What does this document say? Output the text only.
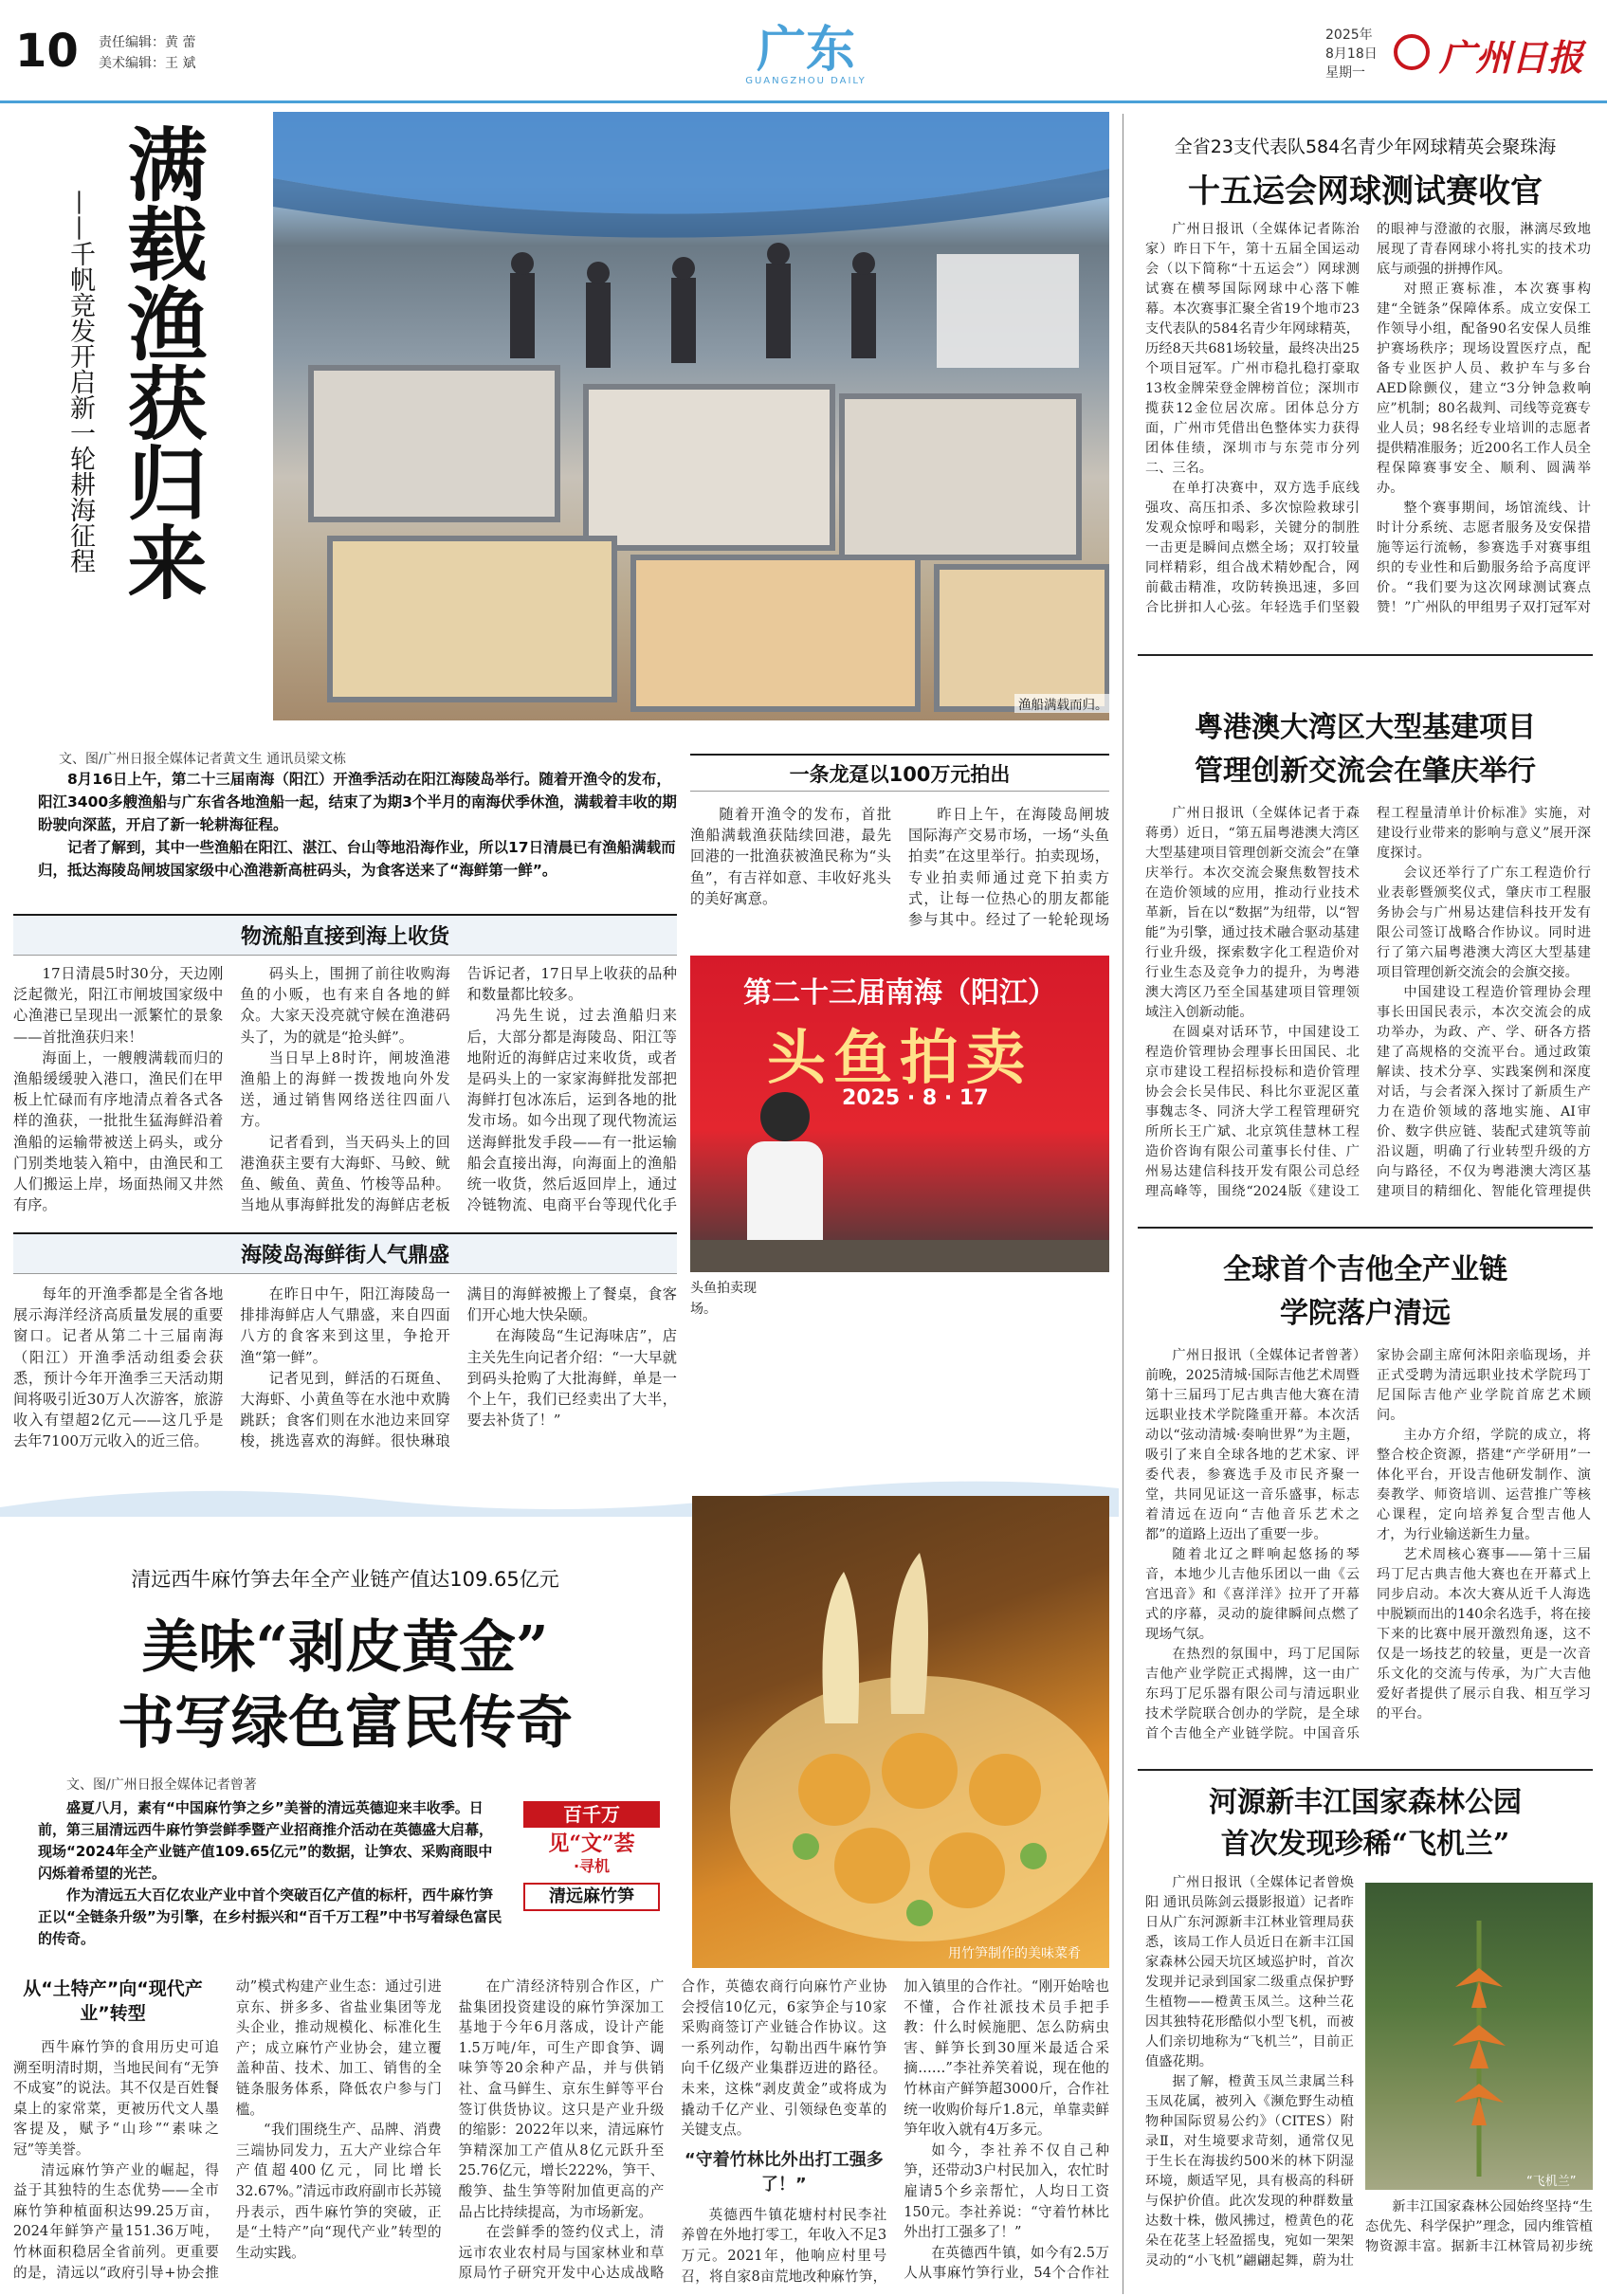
10 责任编辑：黄 蕾
美术编辑：王 斌	广东
GUANGZHOU DAILY
2025年
8月18日
星期一 广州日报
满载渔获归来
——千帆竞发开启新一轮耕海征程
渔船满载而归。
文、图/广州日报全媒体记者黄文生 通讯员梁文栋

8月16日上午，第二十三届南海（阳江）开渔季活动在阳江海陵岛举行。随着开渔令的发布，阳江3400多艘渔船与广东省各地渔船一起，结束了为期3个半月的南海伏季休渔，满载着丰收的期盼驶向深蓝，开启了新一轮耕海征程。

记者了解到，其中一些渔船在阳江、湛江、台山等地沿海作业，所以17日清晨已有渔船满载而归，抵达海陵岛闸坡国家级中心渔港新高桩码头，为食客送来了“海鲜第一鲜”。

一条龙趸以100万元拍出

随着开渔令的发布，首批渔船满载渔获陆续回港，最先回港的一批渔获被渔民称为“头鱼”，有吉祥如意、丰收好兆头的美好寓意。

昨日上午，在海陵岛闸坡国际海产交易市场，一场“头鱼拍卖”在这里举行。拍卖现场，专业拍卖师通过竞下拍卖方式，让每一位热心的朋友都能参与其中。经过了一轮轮现场

物流船直接到海上收货

17日清晨5时30分，天边刚泛起微光，阳江市闸坡国家级中心渔港已呈现出一派繁忙的景象——首批渔获归来！

海面上，一艘艘满载而归的渔船缓缓驶入港口，渔民们在甲板上忙碌而有序地清点着各式各样的渔获，一批批生猛海鲜沿着渔船的运输带被送上码头，或分门别类地装入箱中，由渔民和工人们搬运上岸，场面热闹又井然有序。

码头上，围拥了前往收购海鱼的小贩，也有来自各地的鲜众。大家天没亮就守候在渔港码头了，为的就是“抢头鲜”。

当日早上8时许，闸坡渔港渔船上的海鲜一拨拨地向外发送，通过销售网络送往四面八方。

记者看到，当天码头上的回港渔获主要有大海虾、马鲛、鱿鱼、鲅鱼、黄鱼、竹梭等品种。当地从事海鲜批发的海鲜店老板告诉记者，17日早上收获的品种和数量都比较多。

冯先生说，过去渔船归来后，大部分都是海陵岛、阳江等地附近的海鲜店过来收货，或者是码头上的一家家海鲜批发部把海鲜打包冰冻后，运到各地的批发市场。如今出现了现代物流运送海鲜批发手段——有一批运输船会直接出海，向海面上的渔船统一收货，然后返回岸上，通过冷链物流、电商平台等现代化手

第二十三届南海（阳江）
头鱼拍卖
2025 · 8 · 17
头鱼拍卖现场。
海陵岛海鲜街人气鼎盛

每年的开渔季都是全省各地展示海洋经济高质量发展的重要窗口。记者从第二十三届南海（阳江）开渔季活动组委会获悉，预计今年开渔季三天活动期间将吸引近30万人次游客，旅游收入有望超2亿元——这几乎是去年7100万元收入的近三倍。

在昨日中午，阳江海陵岛一排排海鲜店人气鼎盛，来自四面八方的食客来到这里，争抢开渔“第一鲜”。

记者见到，鲜活的石斑鱼、大海虾、小黄鱼等在水池中欢腾跳跃；食客们则在水池边来回穿梭，挑选喜欢的海鲜。很快琳琅满目的海鲜被搬上了餐桌，食客们开心地大快朵颐。

在海陵岛“生记海味店”，店主关先生向记者介绍：“一大早就到码头抢购了大批海鲜，单是一个上午，我们已经卖出了大半，要去补货了！”

清远西牛麻竹笋去年全产业链产值达109.65亿元
美味“剥皮黄金”
书写绿色富民传奇
文、图/广州日报全媒体记者曾著

盛夏八月，素有“中国麻竹笋之乡”美誉的清远英德迎来丰收季。日前，第三届清远西牛麻竹笋尝鲜季暨产业招商推介活动在英德盛大启幕，现场“2024年全产业链产值109.65亿元”的数据，让笋农、采购商眼中闪烁着希望的光芒。

作为清远五大百亿农业产业中首个突破百亿产值的标杆，西牛麻竹笋正以“全链条升级”为引擎，在乡村振兴和“百千万工程”中书写着绿色富民的传奇。

百千万
见“文”荟
·寻机
清远麻竹笋
用竹笋制作的美味菜肴
从“土特产”向“现代产业”转型

西牛麻竹笋的食用历史可追溯至明清时期，当地民间有“无笋不成宴”的说法。其不仅是百姓餐桌上的家常菜，更被历代文人墨客提及，赋予“山珍”“素味之冠”等美誉。

清远麻竹笋产业的崛起，得益于其独特的生态优势——全市麻竹笋种植面积达99.25万亩，2024年鲜笋产量151.36万吨，竹林面积稳居全省前列。更重要的是，清远以“政府引导+协会推动”模式构建产业生态：通过引进京东、拼多多、省盐业集团等龙头企业，推动规模化、标准化生产；成立麻竹产业协会，建立覆盖种苗、技术、加工、销售的全链条服务体系，降低农户参与门槛。

“我们围绕生产、品牌、消费三端协同发力，五大产业综合年产值超400亿元，同比增长32.67%。”清远市政府副市长苏镜丹表示，西牛麻竹笋的突破，正是“土特产”向“现代产业”转型的生动实践。

在广清经济特别合作区，广盐集团投资建设的麻竹笋深加工基地于今年6月落成，设计产能1.5万吨/年，可生产即食笋、调味笋等20余种产品，并与供销社、盒马鲜生、京东生鲜等平台签订供货协议。这只是产业升级的缩影：2022年以来，清远麻竹笋精深加工产值从8亿元跃升至25.76亿元，增长222%，笋干、酸笋、盐生笋等附加值更高的产品占比持续提高，为市场新宠。

在尝鲜季的签约仪式上，清远市农业农村局与国家林业和草原局竹子研究开发中心达成战略合作，英德农商行向麻竹产业协会授信10亿元，6家笋企与10家采购商签订产业链合作协议。这一系列动作，勾勒出西牛麻竹笋向千亿级产业集群迈进的路径。未来，这株“剥皮黄金”或将成为撬动千亿产业、引领绿色变革的关键支点。

“守着竹林比外出打工强多了！”

英德西牛镇花塘村村民李社养曾在外地打零工，年收入不足3万元。2021年，他响应村里号召，将自家8亩荒地改种麻竹笋，加入镇里的合作社。“刚开始啥也不懂，合作社派技术员手把手教：什么时候施肥、怎么防病虫害、鲜笋长到30厘米最适合采摘……”李社养笑着说，现在他的竹林亩产鲜笋超3000斤，合作社统一收购价每斤1.8元，单靠卖鲜笋年收入就有4万多元。

如今，李社养不仅自己种笋，还带动3户村民加入，农忙时雇请5个乡亲帮忙，人均日工资150元。李社养说：“守着竹林比外出打工强多了！”

在英德西牛镇，如今有2.5万人从事麻竹笋行业，54个合作社

全省23支代表队584名青少年网球精英会聚珠海
十五运会网球测试赛收官

广州日报讯（全媒体记者陈治家）昨日下午，第十五届全国运动会（以下简称“十五运会”）网球测试赛在横琴国际网球中心落下帷幕。本次赛事汇聚全省19个地市23支代表队的584名青少年网球精英，历经8天共681场较量，最终决出25个项目冠军。广州市稳扎稳打豪取13枚金牌荣登金牌榜首位；深圳市揽获12金位居次席。团体总分方面，广州市凭借出色整体实力获得团体佳绩，深圳市与东莞市分列二、三名。

在单打决赛中，双方选手底线强攻、高压扣杀、多次惊险救球引发观众惊呼和喝彩，关键分的制胜一击更是瞬间点燃全场；双打较量同样精彩，组合战术精妙配合，网前截击精准，攻防转换迅速，多回合比拼扣人心弦。年轻选手们坚毅的眼神与澄澈的衣服，淋漓尽致地展现了青春网球小将扎实的技术功底与顽强的拼搏作风。

对照正赛标准，本次赛事构建“全链条”保障体系。成立安保工作领导小组，配备90名安保人员维护赛场秩序；现场设置医疗点，配备专业医护人员、救护车与多台AED除颤仪，建立“3分钟急救响应”机制；80名裁判、司线等竞赛专业人员；98名经专业培训的志愿者提供精准服务；近200名工作人员全程保障赛事安全、顺利、圆满举办。

整个赛事期间，场馆流线、计时计分系统、志愿者服务及安保措施等运行流畅，参赛选手对赛事组织的专业性和后勤服务给予高度评价。“我们要为这次网球测试赛点赞！”广州队的甲组男子双打冠军对

粤港澳大湾区大型基建项目
管理创新交流会在肇庆举行

广州日报讯（全媒体记者于森 蒋勇）近日，“第五届粤港澳大湾区大型基建项目管理创新交流会”在肇庆举行。本次交流会聚焦数智技术在造价领域的应用，推动行业技术革新，旨在以“数据”为纽带，以“智能”为引擎，通过技术融合驱动基建行业升级，探索数字化工程造价对行业生态及竞争力的提升，为粤港澳大湾区乃至全国基建项目管理领域注入创新动能。

在圆桌对话环节，中国建设工程造价管理协会理事长田国民、北京市建设工程招标投标和造价管理协会会长吴伟民、科比尔亚泥区董事魏志冬、同济大学工程管理研究所所长王广斌、北京筑佳慧林工程造价咨询有限公司董事长付佳、广州易达建信科技开发有限公司总经理高峰等，围绕“2024版《建设工程工程量清单计价标准》实施，对建设行业带来的影响与意义”展开深度探讨。

会议还举行了广东工程造价行业表彰暨颁奖仪式，肇庆市工程服务协会与广州易达建信科技开发有限公司签订战略合作协议。同时进行了第六届粤港澳大湾区大型基建项目管理创新交流会的会旗交接。

中国建设工程造价管理协会理事长田国民表示，本次交流会的成功举办，为政、产、学、研各方搭建了高规格的交流平台。通过政策解读、技术分享、实践案例和深度对话，与会者深入探讨了新质生产力在造价领域的落地实施、AI审价、数字供应链、装配式建筑等前沿议题，明确了行业转型升级的方向与路径，不仅为粤港澳大湾区基建项目的精细化、智能化管理提供

全球首个吉他全产业链
学院落户清远

广州日报讯（全媒体记者曾著）前晚，2025清城·国际吉他艺术周暨第十三届玛丁尼古典吉他大赛在清远职业技术学院隆重开幕。本次活动以“弦动清城·奏响世界”为主题，吸引了来自全球各地的艺术家、评委代表，参赛选手及市民齐聚一堂，共同见证这一音乐盛事，标志着清远在迈向“吉他音乐艺术之都”的道路上迈出了重要一步。

随着北辽之畔响起悠扬的琴音，本地少儿吉他乐团以一曲《云宫迅音》和《喜洋洋》拉开了开幕式的序幕，灵动的旋律瞬间点燃了现场气氛。

在热烈的氛围中，玛丁尼国际吉他产业学院正式揭牌，这一由广东玛丁尼乐器有限公司与清远职业技术学院联合创办的学院，是全球首个吉他全产业链学院。中国音乐家协会副主席何沐阳亲临现场，并正式受聘为清远职业技术学院玛丁尼国际吉他产业学院首席艺术顾问。

主办方介绍，学院的成立，将整合校企资源，搭建“产学研用”一体化平台，开设吉他研发制作、演奏教学、师资培训、运营推广等核心课程，定向培养复合型吉他人才，为行业输送新生力量。

艺术周核心赛事——第十三届玛丁尼古典吉他大赛也在开幕式上同步启动。本次大赛从近千人海选中脱颖而出的140余名选手，将在接下来的比赛中展开激烈角逐，这不仅是一场技艺的较量，更是一次音乐文化的交流与传承，为广大吉他爱好者提供了展示自我、相互学习的平台。

河源新丰江国家森林公园
首次发现珍稀“飞机兰”

广州日报讯（全媒体记者曾焕阳 通讯员陈剑云摄影报道）记者昨日从广东河源新丰江林业管理局获悉，该局工作人员近日在新丰江国家森林公园天坑区域巡护时，首次发现并记录到国家二级重点保护野生植物——橙黄玉凤兰。这种兰花因其独特花形酷似小型飞机，而被人们亲切地称为“飞机兰”，目前正值盛花期。

据了解，橙黄玉凤兰隶属兰科玉凤花属，被列入《濒危野生动植物种国际贸易公约》（CITES）附录Ⅱ，对生境要求苛刻，通常仅见于生长在海拔约500米的林下阴湿环境，颇适罕见，具有极高的科研与保护价值。此次发现的种群数量达数十株，傲风拂过，橙黄色的花朵在花茎上轻盈摇曳，宛如一架架灵动的“小飞机”翩翩起舞，蔚为壮

“飞机兰”

新丰江国家森林公园始终坚持“生态优先、科学保护”理念，园内维管植物资源丰富。据新丰江林管局初步统
